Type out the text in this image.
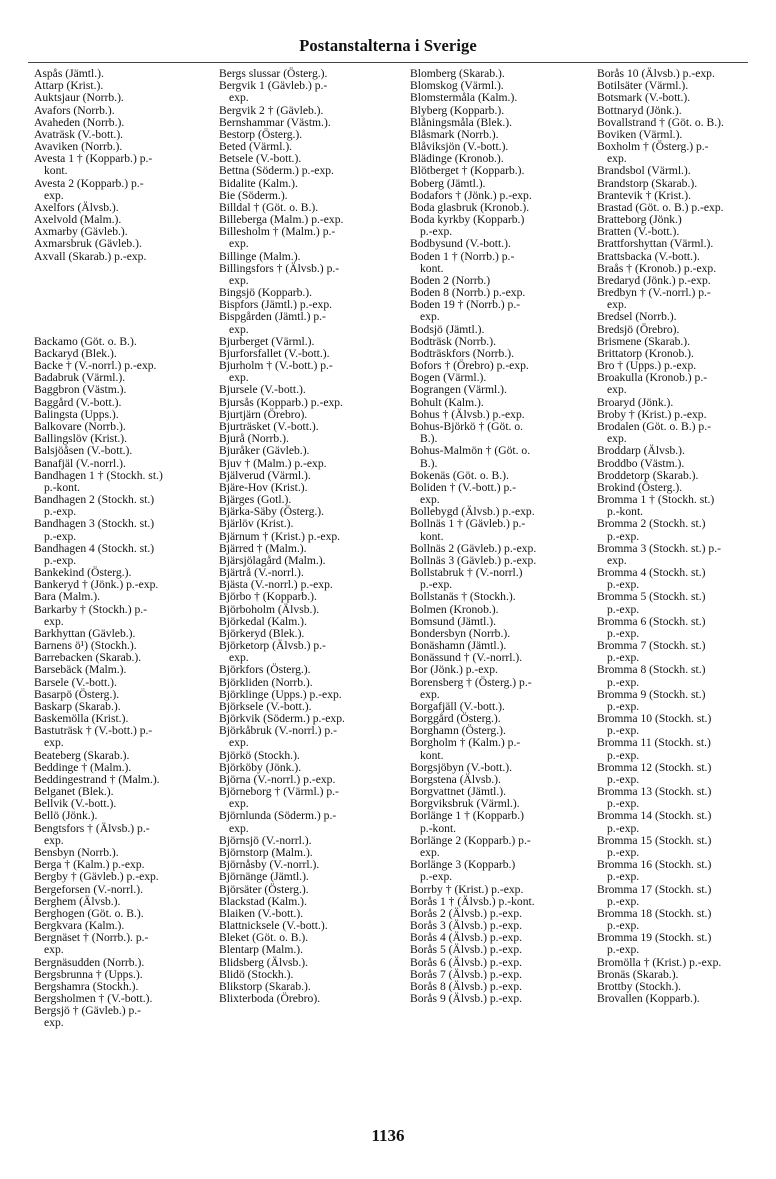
Postanstalterna i Sverige
Aspås (Jämtl.).
Attarp (Krist.).
Auktsjaur (Norrb.).
Avafors (Norrb.).
Avaheden (Norrb.).
Avaträsk (V.-bott.).
Avaviken (Norrb.).
Avesta 1 † (Kopparb.) p.-
kont.
Avesta 2 (Kopparb.) p.-
exp.
Axelfors (Älvsb.).
Axelvold (Malm.).
Axmarby (Gävleb.).
Axmarsbruk (Gävleb.).
Axvall (Skarab.) p.-exp.

Backamo (Göt. o. B.).
Backaryd (Blek.).
Backe † (V.-norrl.) p.-exp.
Badabruk (Värml.).
Baggbron (Västm.).
Baggård (V.-bott.).
Balingsta (Upps.).
Balkovare (Norrb.).
Ballingslöv (Krist.).
Balsjöåsen (V.-bott.).
Banafjäl (V.-norrl.).
Bandhagen 1 † (Stockh. st.)
p.-kont.
Bandhagen 2 (Stockh. st.)
p.-exp.
Bandhagen 3 (Stockh. st.)
p.-exp.
Bandhagen 4 (Stockh. st.)
p.-exp.
Bankekind (Österg.).
Bankeryd † (Jönk.) p.-exp.
Bara (Malm.).
Barkarby † (Stockh.) p.-
exp.
Barkhyttan (Gävleb.).
Barnens ö¹) (Stockh.).
Barrebacken (Skarab.).
Barsebäck (Malm.).
Barsele (V.-bott.).
Basarpö (Österg.).
Baskarp (Skarab.).
Baskemölla (Krist.).
Bastuträsk † (V.-bott.) p.-
exp.
Beateberg (Skarab.).
Beddinge † (Malm.).
Beddingestrand † (Malm.).
Belganet (Blek.).
Bellvik (V.-bott.).
Bellö (Jönk.).
Bengtsfors † (Älvsb.) p.-
exp.
Bensbyn (Norrb.).
Berga † (Kalm.) p.-exp.
Bergby † (Gävleb.) p.-exp.
Bergeforsen (V.-norrl.).
Berghem (Älvsb.).
Berghogen (Göt. o. B.).
Bergkvara (Kalm.).
Bergnäset † (Norrb.). p.-
exp.
Bergnäsudden (Norrb.).
Bergsbrunna † (Upps.).
Bergshamra (Stockh.).
Bergsholmen † (V.-bott.).
Bergsjö † (Gävleb.) p.-
exp.
Bergs slussar (Österg.).
Bergvik 1 (Gävleb.) p.-
exp.
Bergvik 2 † (Gävleb.).
Bernshammar (Västm.).
Bestorp (Österg.).
Beted (Värml.).
Betsele (V.-bott.).
Bettna (Söderm.) p.-exp.
Bidalite (Kalm.).
Bie (Söderm.).
Billdal † (Göt. o. B.).
Billeberga (Malm.) p.-exp.
Billesholm † (Malm.) p.-
exp.
Billinge (Malm.).
Billingsfors † (Älvsb.) p.-
exp.
Bingsjö (Kopparb.).
Bispfors (Jämtl.) p.-exp.
Bispgården (Jämtl.) p.-
exp.
Bjurberget (Värml.).
Bjurforsfallet (V.-bott.).
Bjurholm † (V.-bott.) p.-
exp.
Bjursele (V.-bott.).
Bjursås (Kopparb.) p.-exp.
Bjurtjärn (Örebro).
Bjurträsket (V.-bott.).
Bjurå (Norrb.).
Bjuråker (Gävleb.).
Bjuv † (Malm.) p.-exp.
Bjälverud (Värml.).
Bjäre-Hov (Krist.).
Bjärges (Gotl.).
Bjärka-Säby (Österg.).
Bjärlöv (Krist.).
Bjärnum † (Krist.) p.-exp.
Bjärred † (Malm.).
Bjärsjölagård (Malm.).
Bjärtrå (V.-norrl.).
Bjästa (V.-norrl.) p.-exp.
Björbo † (Kopparb.).
Björboholm (Älvsb.).
Björkedal (Kalm.).
Björkeryd (Blek.).
Björketorp (Älvsb.) p.-
exp.
Björkfors (Österg.).
Björkliden (Norrb.).
Björklinge (Upps.) p.-exp.
Björksele (V.-bott.).
Björkvik (Söderm.) p.-exp.
Björkåbruk (V.-norrl.) p.-
exp.
Björkö (Stockh.).
Björköby (Jönk.).
Björna (V.-norrl.) p.-exp.
Björneborg † (Värml.) p.-
exp.
Björnlunda (Söderm.) p.-
exp.
Björnsjö (V.-norrl.).
Björnstorp (Malm.).
Björnåsby (V.-norrl.).
Björnänge (Jämtl.).
Björsäter (Österg.).
Blackstad (Kalm.).
Blaiken (V.-bott.).
Blattnicksele (V.-bott.).
Bleket (Göt. o. B.).
Blentarp (Malm.).
Blidsberg (Älvsb.).
Blidö (Stockh.).
Blikstorp (Skarab.).
Blixterboda (Örebro).
Blomberg (Skarab.).
Blomskog (Värml.).
Blomstermåla (Kalm.).
Blyberg (Kopparb.).
Blåningsmåla (Blek.).
Blåsmark (Norrb.).
Blåviksjön (V.-bott.).
Blädinge (Kronob.).
Blötberget † (Kopparb.).
Boberg (Jämtl.).
Bodafors † (Jönk.) p.-exp.
Boda glasbruk (Kronob.).
Boda kyrkby (Kopparb.)
p.-exp.
Bodbysund (V.-bott.).
Boden 1 † (Norrb.) p.-
kont.
Boden 2 (Norrb.)
Boden 8 (Norrb.) p.-exp.
Boden 19 † (Norrb.) p.-
exp.
Bodsjö (Jämtl.).
Bodträsk (Norrb.).
Bodträskfors (Norrb.).
Bofors † (Örebro) p.-exp.
Bogen (Värml.).
Bograngen (Värml.).
Bohult (Kalm.).
Bohus † (Älvsb.) p.-exp.
Bohus-Björkö † (Göt. o.
B.).
Bohus-Malmön † (Göt. o.
B.).
Bokenäs (Göt. o. B.).
Boliden † (V.-bott.) p.-
exp.
Bollebygd (Älvsb.) p.-exp.
Bollnäs 1 † (Gävleb.) p.-
kont.
Bollnäs 2 (Gävleb.) p.-exp.
Bollnäs 3 (Gävleb.) p.-exp.
Bollstabruk † (V.-norrl.)
p.-exp.
Bollstanäs † (Stockh.).
Bolmen (Kronob.).
Bomsund (Jämtl.).
Bondersbyn (Norrb.).
Bonäshamn (Jämtl.).
Bonässund † (V.-norrl.).
Bor (Jönk.) p.-exp.
Borensberg † (Österg.) p.-
exp.
Borgafjäll (V.-bott.).
Borggård (Österg.).
Borghamn (Österg.).
Borgholm † (Kalm.) p.-
kont.
Borgsjöbyn (V.-bott.).
Borgstena (Älvsb.).
Borgvattnet (Jämtl.).
Borgviksbruk (Värml.).
Borlänge 1 † (Kopparb.)
p.-kont.
Borlänge 2 (Kopparb.) p.-
exp.
Borlänge 3 (Kopparb.)
p.-exp.
Borrby † (Krist.) p.-exp.
Borås 1 † (Älvsb.) p.-kont.
Borås 2 (Älvsb.) p.-exp.
Borås 3 (Älvsb.) p.-exp.
Borås 4 (Älvsb.) p.-exp.
Borås 5 (Älvsb.) p.-exp.
Borås 6 (Älvsb.) p.-exp.
Borås 7 (Älvsb.) p.-exp.
Borås 8 (Älvsb.) p.-exp.
Borås 9 (Älvsb.) p.-exp.
Borås 10 (Älvsb.) p.-exp.
Botilsäter (Värml.).
Botsmark (V.-bott.).
Bottnaryd (Jönk.).
Bovallstrand † (Göt. o. B.).
Boviken (Värml.).
Boxholm † (Österg.) p.-
exp.
Brandsbol (Värml.).
Brandstorp (Skarab.).
Brantevik † (Krist.).
Brastad (Göt. o. B.) p.-exp.
Bratteborg (Jönk.)
Bratten (V.-bott.).
Brattforshyttan (Värml.).
Brattsbacka (V.-bott.).
Braås † (Kronob.) p.-exp.
Bredaryd (Jönk.) p.-exp.
Bredbyn † (V.-norrl.) p.-
exp.
Bredsel (Norrb.).
Bredsjö (Örebro).
Brismene (Skarab.).
Brittatorp (Kronob.).
Bro † (Upps.) p.-exp.
Broakulla (Kronob.) p.-
exp.
Broaryd (Jönk.).
Broby † (Krist.) p.-exp.
Brodalen (Göt. o. B.) p.-
exp.
Broddarp (Älvsb.).
Broddbo (Västm.).
Broddetorp (Skarab.).
Brokind (Österg.).
Bromma 1 † (Stockh. st.)
p.-kont.
Bromma 2 (Stockh. st.)
p.-exp.
Bromma 3 (Stockh. st.) p.-
exp.
Bromma 4 (Stockh. st.)
p.-exp.
Bromma 5 (Stockh. st.)
p.-exp.
Bromma 6 (Stockh. st.)
p.-exp.
Bromma 7 (Stockh. st.)
p.-exp.
Bromma 8 (Stockh. st.)
p.-exp.
Bromma 9 (Stockh. st.)
p.-exp.
Bromma 10 (Stockh. st.)
p.-exp.
Bromma 11 (Stockh. st.)
p.-exp.
Bromma 12 (Stockh. st.)
p.-exp.
Bromma 13 (Stockh. st.)
p.-exp.
Bromma 14 (Stockh. st.)
p.-exp.
Bromma 15 (Stockh. st.)
p.-exp.
Bromma 16 (Stockh. st.)
p.-exp.
Bromma 17 (Stockh. st.)
p.-exp.
Bromma 18 (Stockh. st.)
p.-exp.
Bromma 19 (Stockh. st.)
p.-exp.
Bromölla † (Krist.) p.-exp.
Bronäs (Skarab.).
Brottby (Stockh.).
Brovallen (Kopparb.).
1136
